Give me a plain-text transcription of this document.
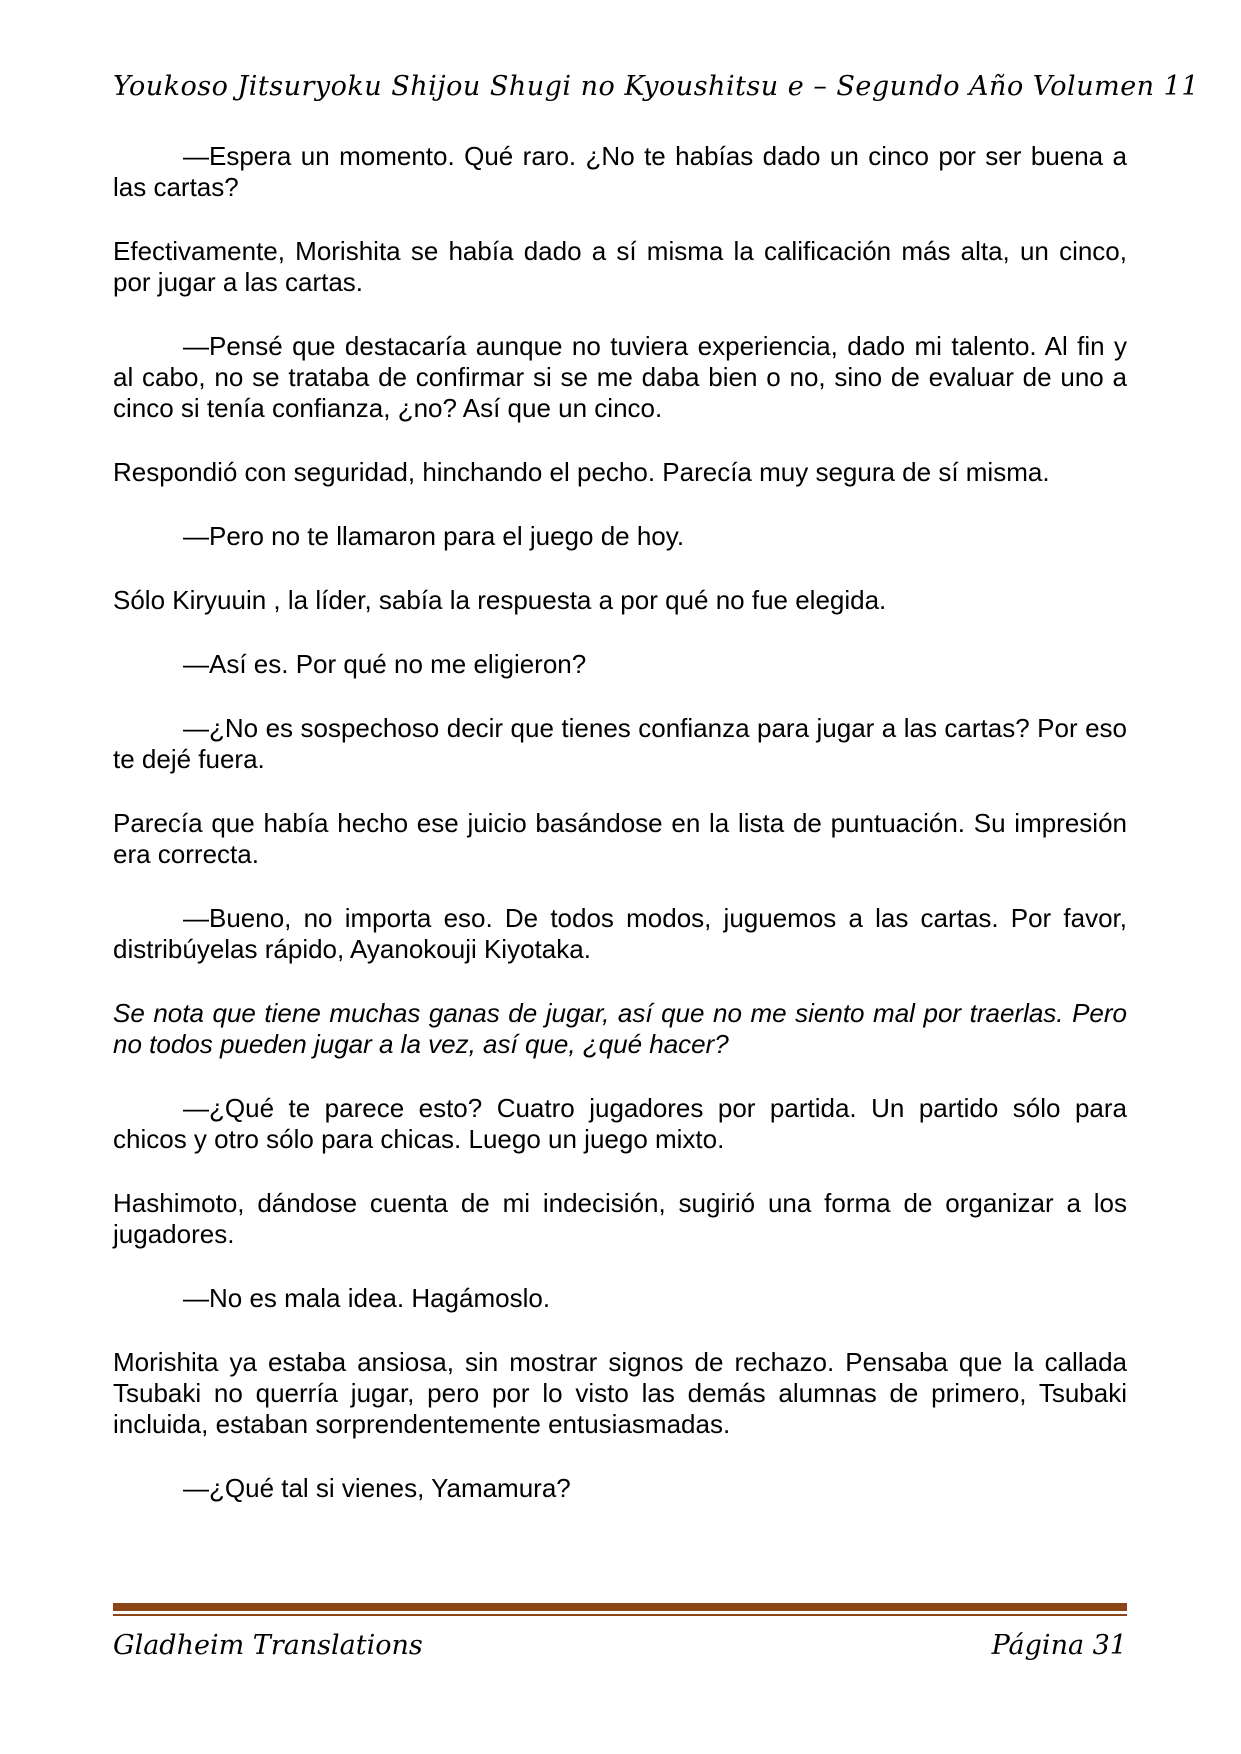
Youkoso Jitsuryoku Shijou Shugi no Kyoushitsu e – Segundo Año Volumen 11

—Espera un momento. Qué raro. ¿No te habías dado un cinco por ser buena a las cartas?

Efectivamente, Morishita se había dado a sí misma la calificación más alta, un cinco, por jugar a las cartas.

—Pensé que destacaría aunque no tuviera experiencia, dado mi talento. Al fin y al cabo, no se trataba de confirmar si se me daba bien o no, sino de evaluar de uno a cinco si tenía confianza, ¿no? Así que un cinco.

Respondió con seguridad, hinchando el pecho. Parecía muy segura de sí misma.

—Pero no te llamaron para el juego de hoy.

Sólo Kiryuuin , la líder, sabía la respuesta a por qué no fue elegida.

—Así es. Por qué no me eligieron?

—¿No es sospechoso decir que tienes confianza para jugar a las cartas? Por eso te dejé fuera.

Parecía que había hecho ese juicio basándose en la lista de puntuación. Su impresión era correcta.

—Bueno, no importa eso. De todos modos, juguemos a las cartas. Por favor, distribúyelas rápido, Ayanokouji Kiyotaka.

Se nota que tiene muchas ganas de jugar, así que no me siento mal por traerlas. Pero no todos pueden jugar a la vez, así que, ¿qué hacer?

—¿Qué te parece esto? Cuatro jugadores por partida. Un partido sólo para chicos y otro sólo para chicas. Luego un juego mixto.

Hashimoto, dándose cuenta de mi indecisión, sugirió una forma de organizar a los jugadores.

—No es mala idea. Hagámoslo.

Morishita ya estaba ansiosa, sin mostrar signos de rechazo. Pensaba que la callada Tsubaki no querría jugar, pero por lo visto las demás alumnas de primero, Tsubaki incluida, estaban sorprendentemente entusiasmadas.

—¿Qué tal si vienes, Yamamura?

Gladheim Translations	Página 31
